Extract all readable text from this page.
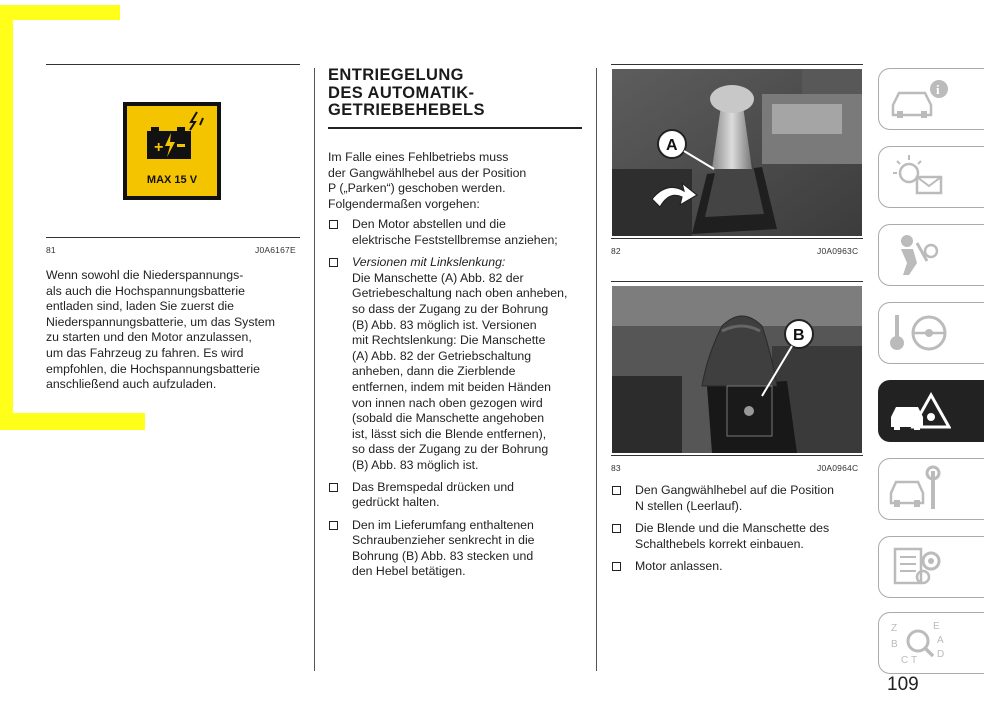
+
MAX 15 V
81	J0A6167E
Wenn sowohl die Niederspannungs-
als auch die Hochspannungsbatterie
entladen sind, laden Sie zuerst die
Niederspannungsbatterie, um das System
zu starten und den Motor anzulassen,
um das Fahrzeug zu fahren. Es wird
empfohlen, die Hochspannungsbatterie
anschließend auch aufzuladen.
ENTRIEGELUNG
DES AUTOMATIK-
GETRIEBEHEBELS
Im Falle eines Fehlbetriebs muss
der Gangwählhebel aus der Position
P („Parken“) geschoben werden.
Folgendermaßen vorgehen:
Den Motor abstellen und die
elektrische Feststellbremse anziehen;
Versionen mit Linkslenkung:
Die Manschette (A) Abb. 82 der
Getriebeschaltung nach oben anheben,
so dass der Zugang zu der Bohrung
(B) Abb. 83 möglich ist. Versionen
mit Rechtslenkung: Die Manschette
(A) Abb. 82 der Getriebschaltung
anheben, dann die Zierblende
entfernen, indem mit beiden Händen
von innen nach oben gezogen wird
(sobald die Manschette angehoben
ist, lässt sich die Blende entfernen),
so dass der Zugang zu der Bohrung
(B) Abb. 83 möglich ist.
Das Bremspedal drücken und
gedrückt halten.
Den im Lieferumfang enthaltenen
Schraubenzieher senkrecht in die
Bohrung (B) Abb. 83 stecken und
den Hebel betätigen.
A
82	J0A0963C
B
83	J0A0964C
Den Gangwählhebel auf die Position
N stellen (Leerlauf).
Die Blende und die Manschette des
Schalthebels korrekt einbauen.
Motor anlassen.
i
Z	E
A
B
C T
D
109
